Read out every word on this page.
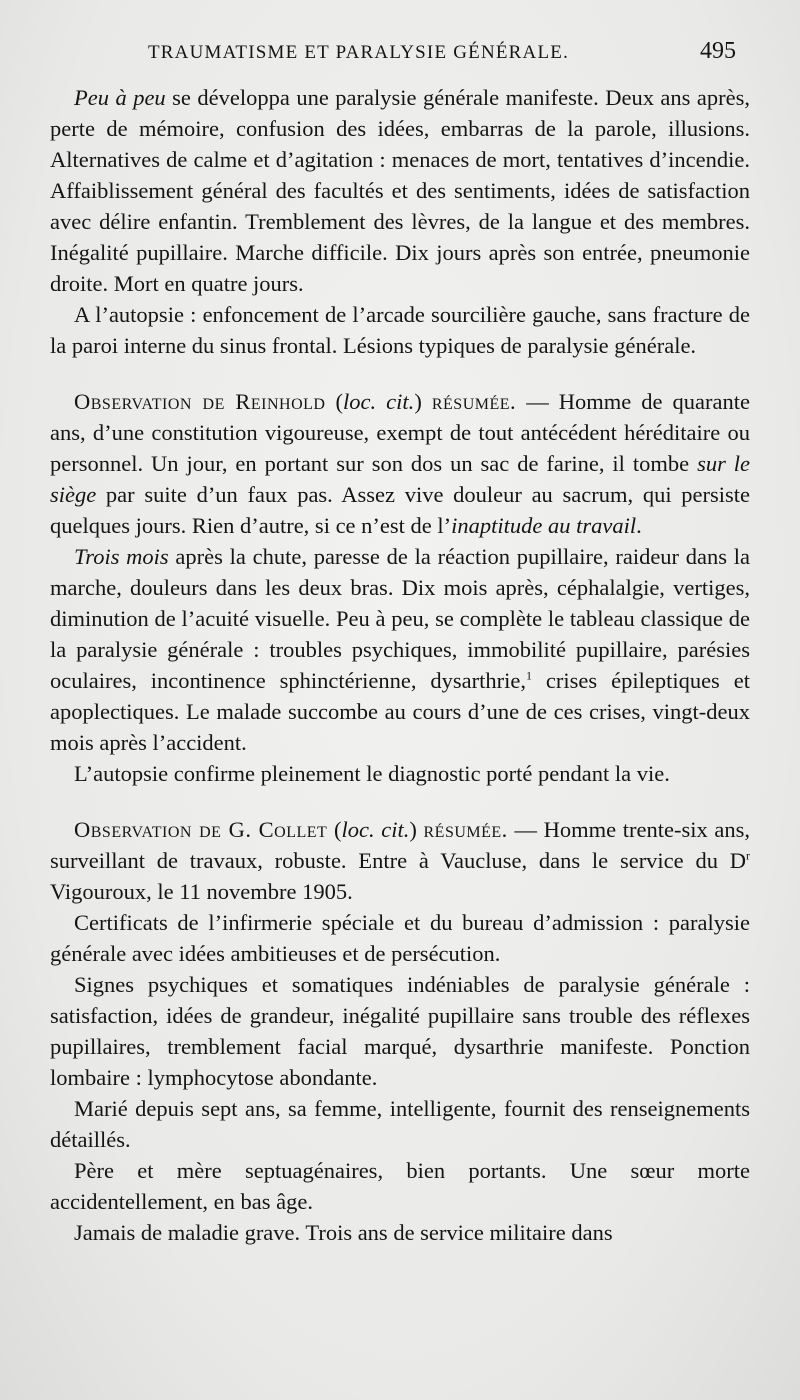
TRAUMATISME ET PARALYSIE GÉNÉRALE.	495

Peu à peu se développa une paralysie générale manifeste. Deux ans après, perte de mémoire, confusion des idées, embarras de la parole, illusions. Alternatives de calme et d’agitation : menaces de mort, tentatives d’incendie. Affaiblissement général des facultés et des sentiments, idées de satisfaction avec délire enfantin. Tremblement des lèvres, de la langue et des membres. Inégalité pupillaire. Marche difficile. Dix jours après son entrée, pneumonie droite. Mort en quatre jours.

A l’autopsie : enfoncement de l’arcade sourcilière gauche, sans fracture de la paroi interne du sinus frontal. Lésions typiques de paralysie générale.

Observation de Reinhold (loc. cit.) résumée. — Homme de quarante ans, d’une constitution vigoureuse, exempt de tout antécédent héréditaire ou personnel. Un jour, en portant sur son dos un sac de farine, il tombe sur le siège par suite d’un faux pas. Assez vive douleur au sacrum, qui persiste quelques jours. Rien d’autre, si ce n’est de l’inaptitude au travail.

Trois mois après la chute, paresse de la réaction pupillaire, raideur dans la marche, douleurs dans les deux bras. Dix mois après, céphalalgie, vertiges, diminution de l’acuité visuelle. Peu à peu, se complète le tableau classique de la paralysie générale : troubles psychiques, immobilité pupillaire, parésies oculaires, incontinence sphinctérienne, dysarthrie,$^1$ crises épileptiques et apoplectiques. Le malade succombe au cours d’une de ces crises, vingt-deux mois après l’accident.

L’autopsie confirme pleinement le diagnostic porté pendant la vie.

Observation de G. Collet (loc. cit.) résumée. — Homme trente-six ans, surveillant de travaux, robuste. Entre à Vaucluse, dans le service du $D^r$ Vigouroux, le 11 novembre 1905.

Certificats de l’infirmerie spéciale et du bureau d’admission : paralysie générale avec idées ambitieuses et de persécution.

Signes psychiques et somatiques indéniables de paralysie générale : satisfaction, idées de grandeur, inégalité pupillaire sans trouble des réflexes pupillaires, tremblement facial marqué, dysarthrie manifeste. Ponction lombaire : lymphocytose abondante.

Marié depuis sept ans, sa femme, intelligente, fournit des renseignements détaillés.

Père et mère septuagénaires, bien portants. Une sœur morte accidentellement, en bas âge.

Jamais de maladie grave. Trois ans de service militaire dans
